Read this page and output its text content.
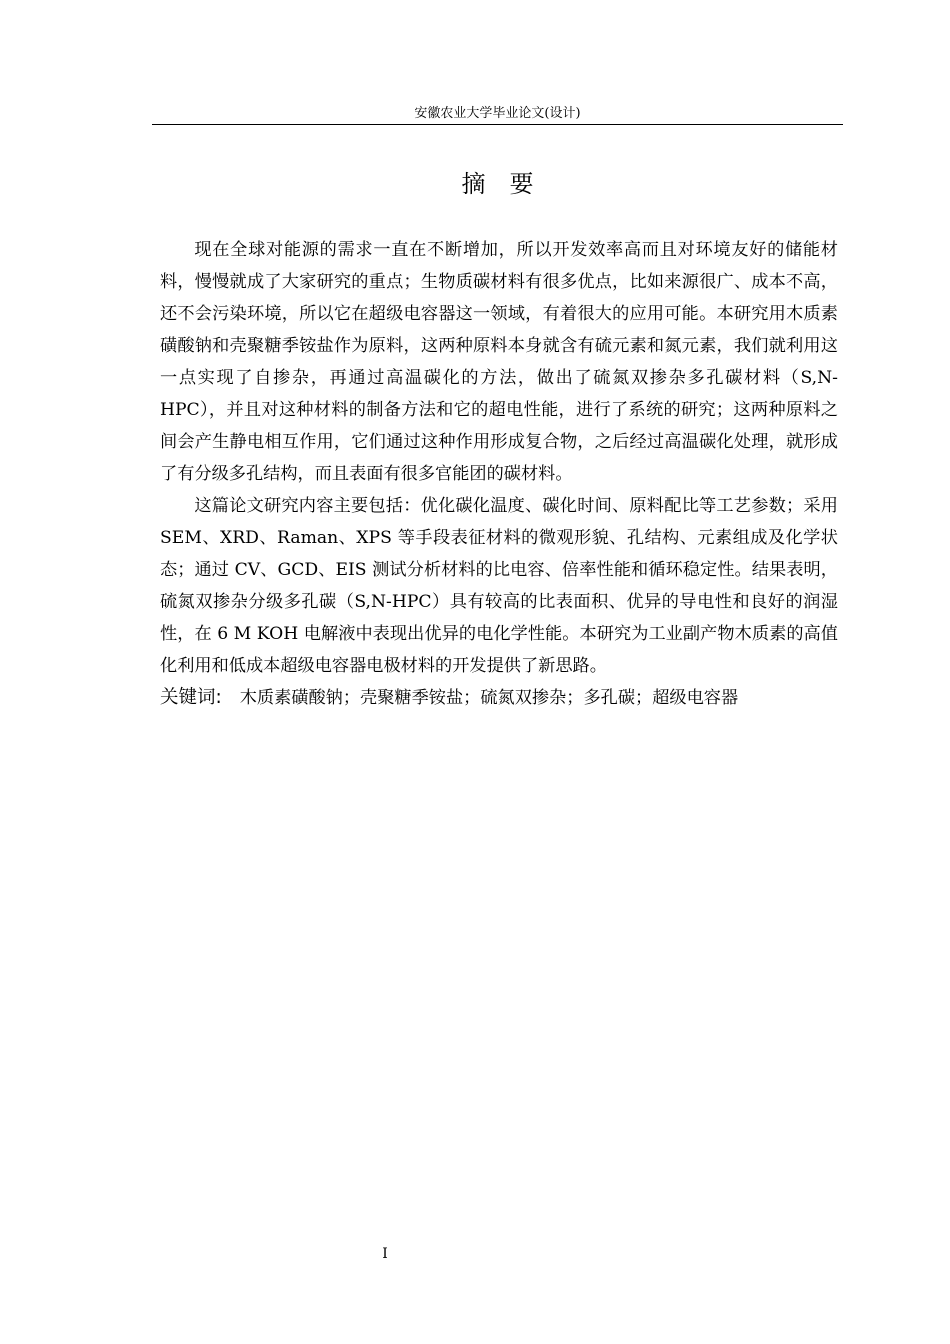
安徽农业大学毕业论文(设计)
摘要

现在全球对能源的需求一直在不断增加，所以开发效率高而且对环境友好的储能材料，慢慢就成了大家研究的重点；生物质碳材料有很多优点，比如来源很广、成本不高，还不会污染环境，所以它在超级电容器这一领域，有着很大的应用可能。本研究用木质素磺酸钠和壳聚糖季铵盐作为原料，这两种原料本身就含有硫元素和氮元素，我们就利用这一点实现了自掺杂，再通过高温碳化的方法，做出了硫氮双掺杂多孔碳材料（S,N-HPC），并且对这种材料的制备方法和它的超电性能，进行了系统的研究；这两种原料之间会产生静电相互作用，它们通过这种作用形成复合物，之后经过高温碳化处理，就形成了有分级多孔结构，而且表面有很多官能团的碳材料。

这篇论文研究内容主要包括：优化碳化温度、碳化时间、原料配比等工艺参数；采用 SEM、XRD、Raman、XPS 等手段表征材料的微观形貌、孔结构、元素组成及化学状态；通过 CV、GCD、EIS 测试分析材料的比电容、倍率性能和循环稳定性。结果表明，硫氮双掺杂分级多孔碳（S,N-HPC）具有较高的比表面积、优异的导电性和良好的润湿性，在 6 M KOH 电解液中表现出优异的电化学性能。本研究为工业副产物木质素的高值化利用和低成本超级电容器电极材料的开发提供了新思路。

关键词: 木质素磺酸钠；壳聚糖季铵盐；硫氮双掺杂；多孔碳；超级电容器
I
